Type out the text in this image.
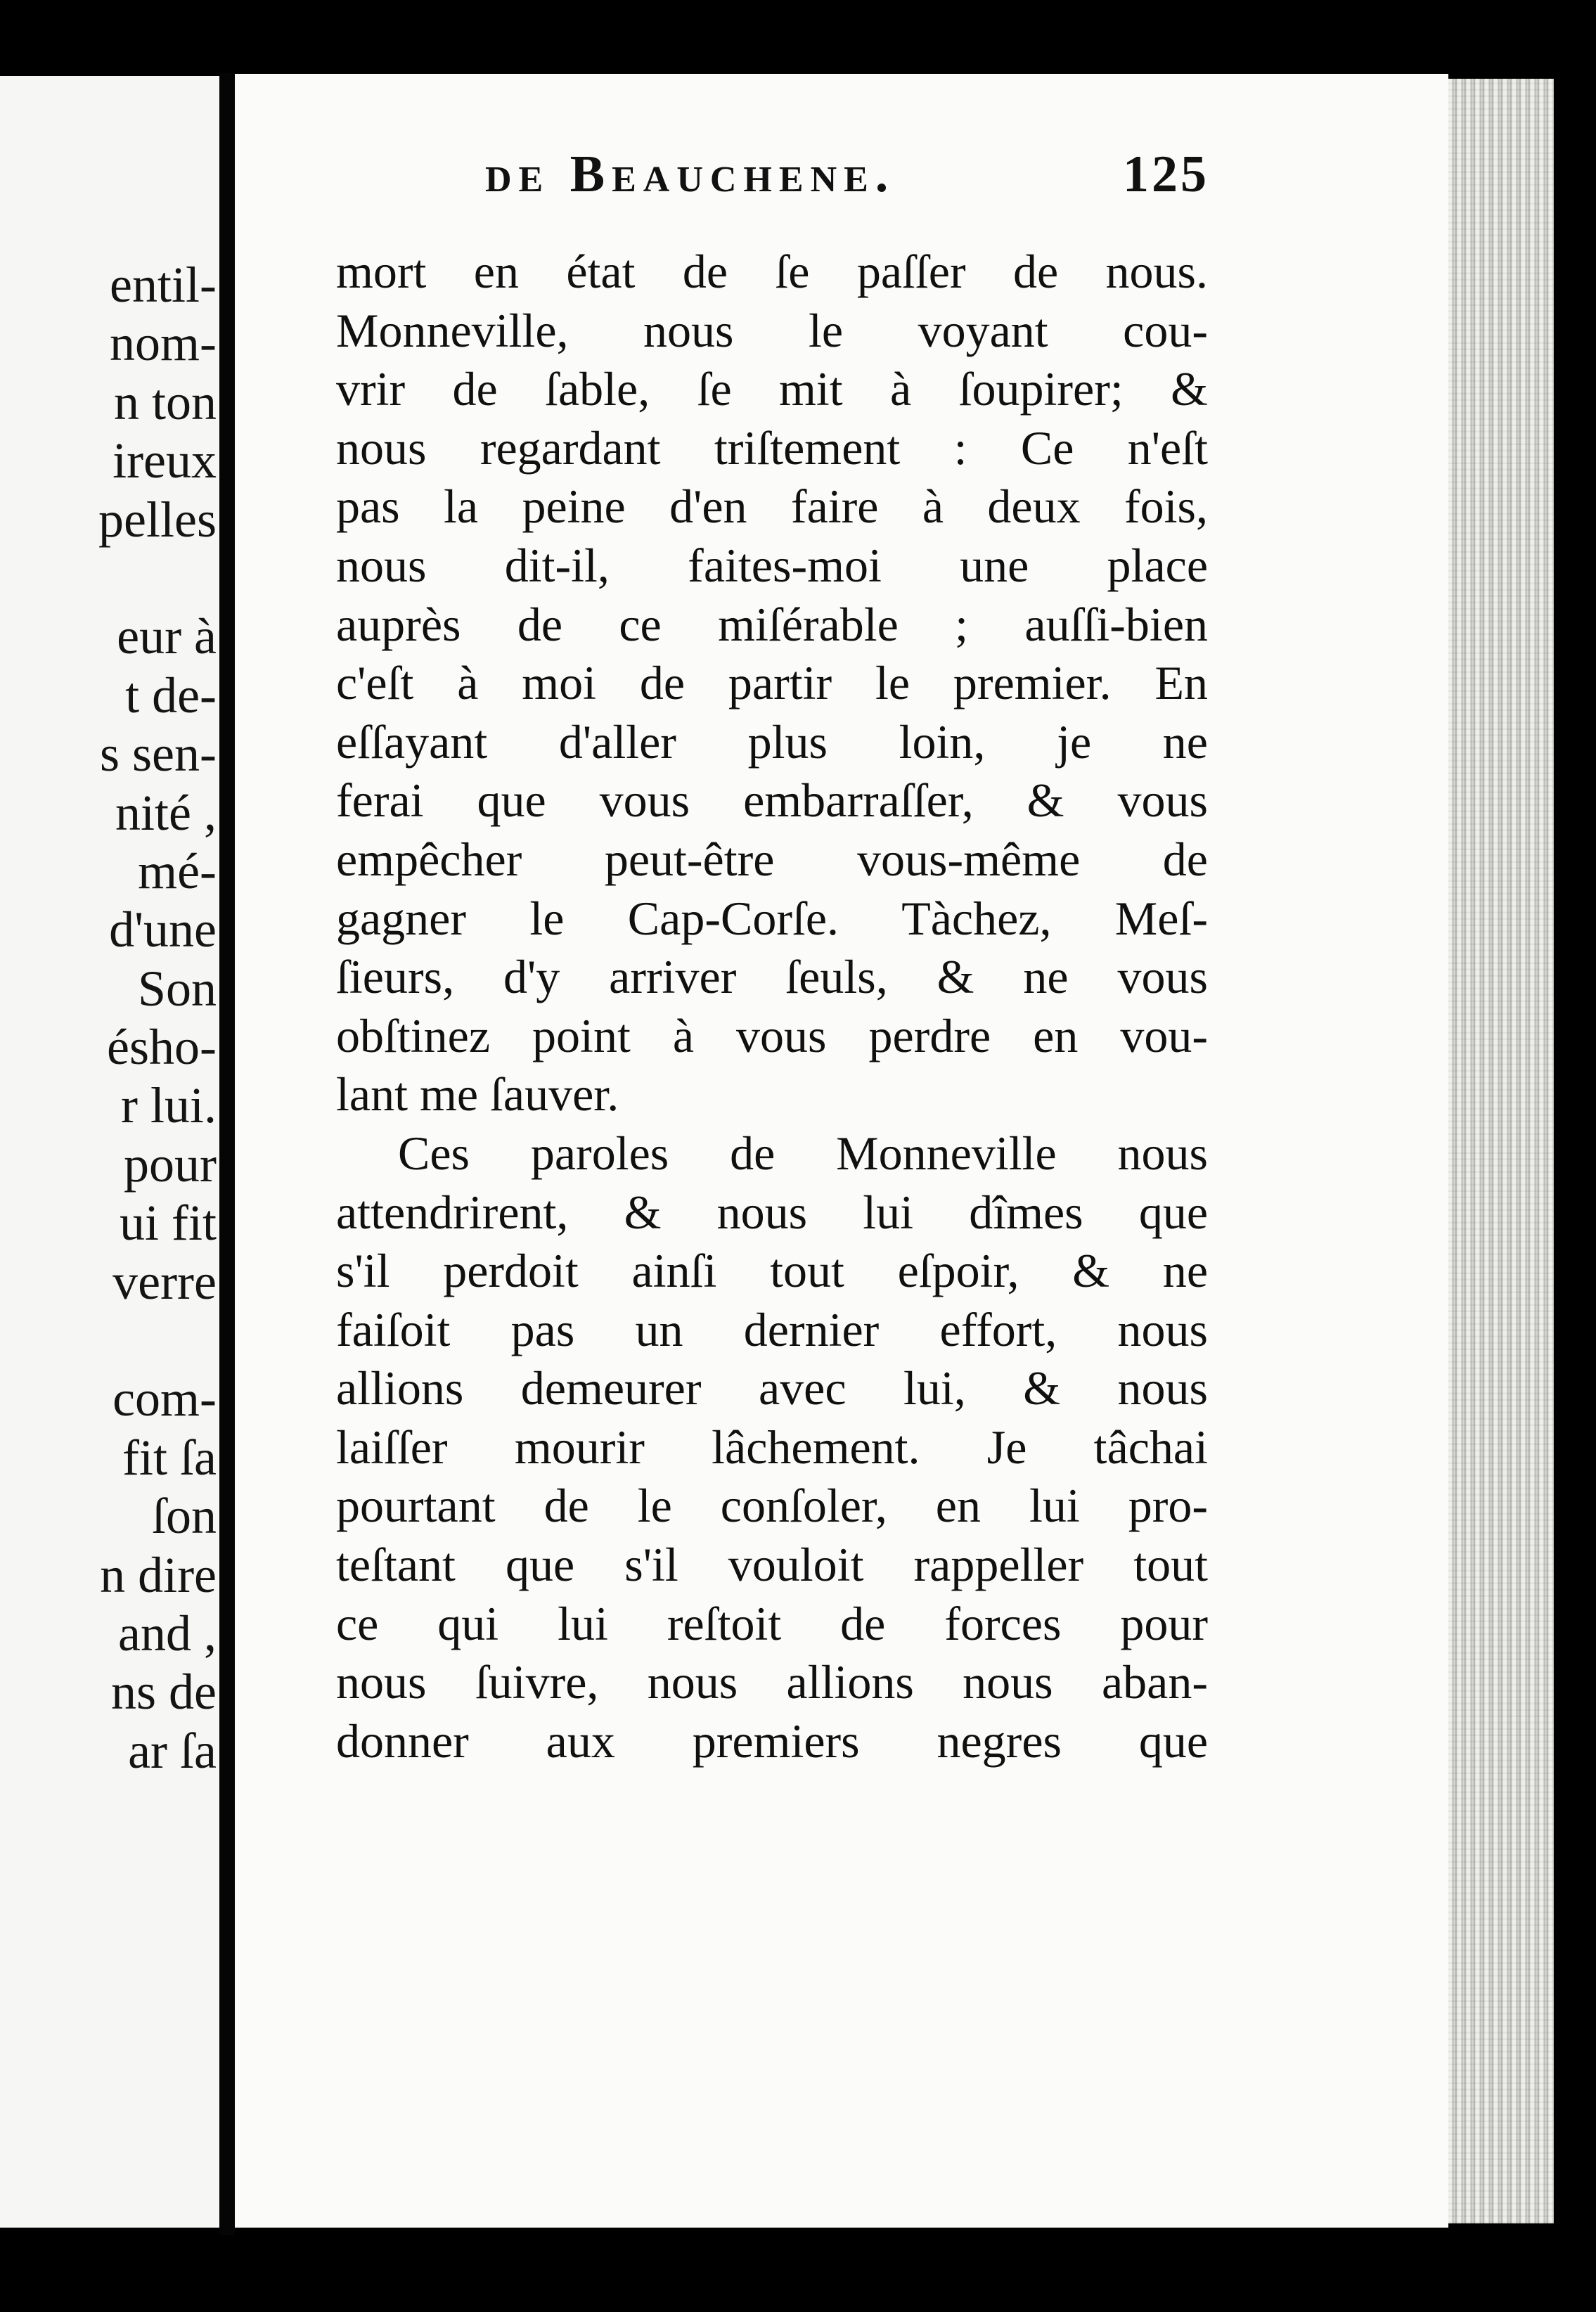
entil-
nom-
n ton
ireux
pelles
eur à
t de-
s sen-
nité ,
mé-
d'une
Son
ésho-
r lui.
pour
ui fit
verre
com-
fit ſa
ſon
n dire
and ,
ns de
ar ſa
de Beauchene.	125
mort en état de ſe paſſer de nous.
Monneville, nous le voyant cou-
vrir de ſable, ſe mit à ſoupirer; &
nous regardant triſtement : Ce n'eſt
pas la peine d'en faire à deux fois,
nous dit-il, faites-moi une place
auprès de ce miſérable ; auſſi-bien
c'eſt à moi de partir le premier. En
eſſayant d'aller plus loin, je ne
ferai que vous embarraſſer, & vous
empêcher peut-être vous-même de
gagner le Cap-Corſe. Tàchez, Meſ-
ſieurs, d'y arriver ſeuls, & ne vous
obſtinez point à vous perdre en vou-
lant me ſauver.
Ces paroles de Monneville nous
attendrirent, & nous lui dîmes que
s'il perdoit ainſi tout eſpoir, & ne
faiſoit pas un dernier effort, nous
allions demeurer avec lui, & nous
laiſſer mourir lâchement. Je tâchai
pourtant de le conſoler, en lui pro-
teſtant que s'il vouloit rappeller tout
ce qui lui reſtoit de forces pour
nous ſuivre, nous allions nous aban-
donner aux premiers negres que
